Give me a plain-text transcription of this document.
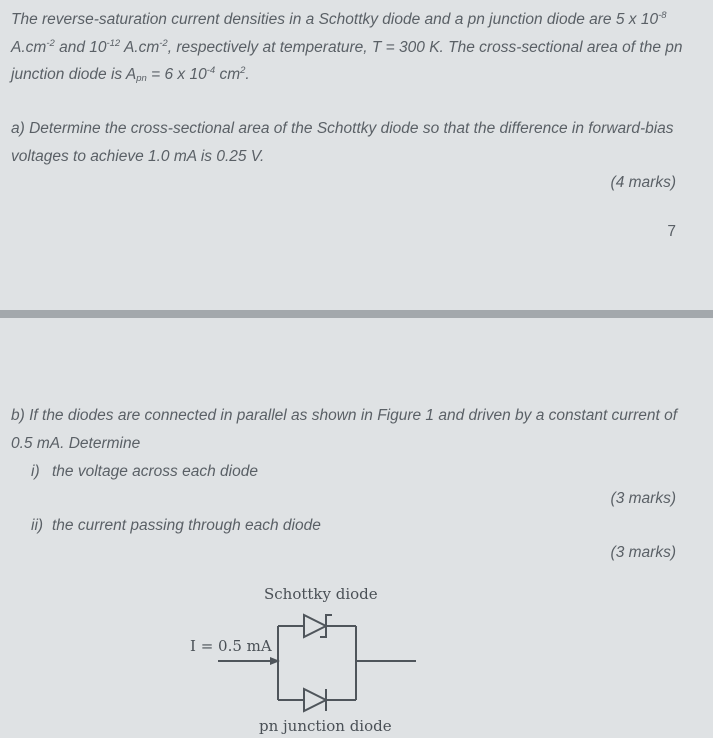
The reverse-saturation current densities in a Schottky diode and a pn junction diode are 5 x $10^{-8}$ $A.cm^{-2}$ and $10^{-12}$ $A.cm^{-2}$, respectively at temperature, T = 300 K. The cross-sectional area of the pn junction diode is $A_{pn} = 6$ x $10^{-4}$ $cm^2$.

a) Determine the cross-sectional area of the Schottky diode so that the difference in forward-bias voltages to achieve 1.0 mA is 0.25 V.

(4 marks)
7

b) If the diodes are connected in parallel as shown in Figure 1 and driven by a constant current of 0.5 mA. Determine

i) the voltage across each diode
(3 marks)
ii) the current passing through each diode
(3 marks)
Schottky diode
I = 0.5 mA
pn junction diode
